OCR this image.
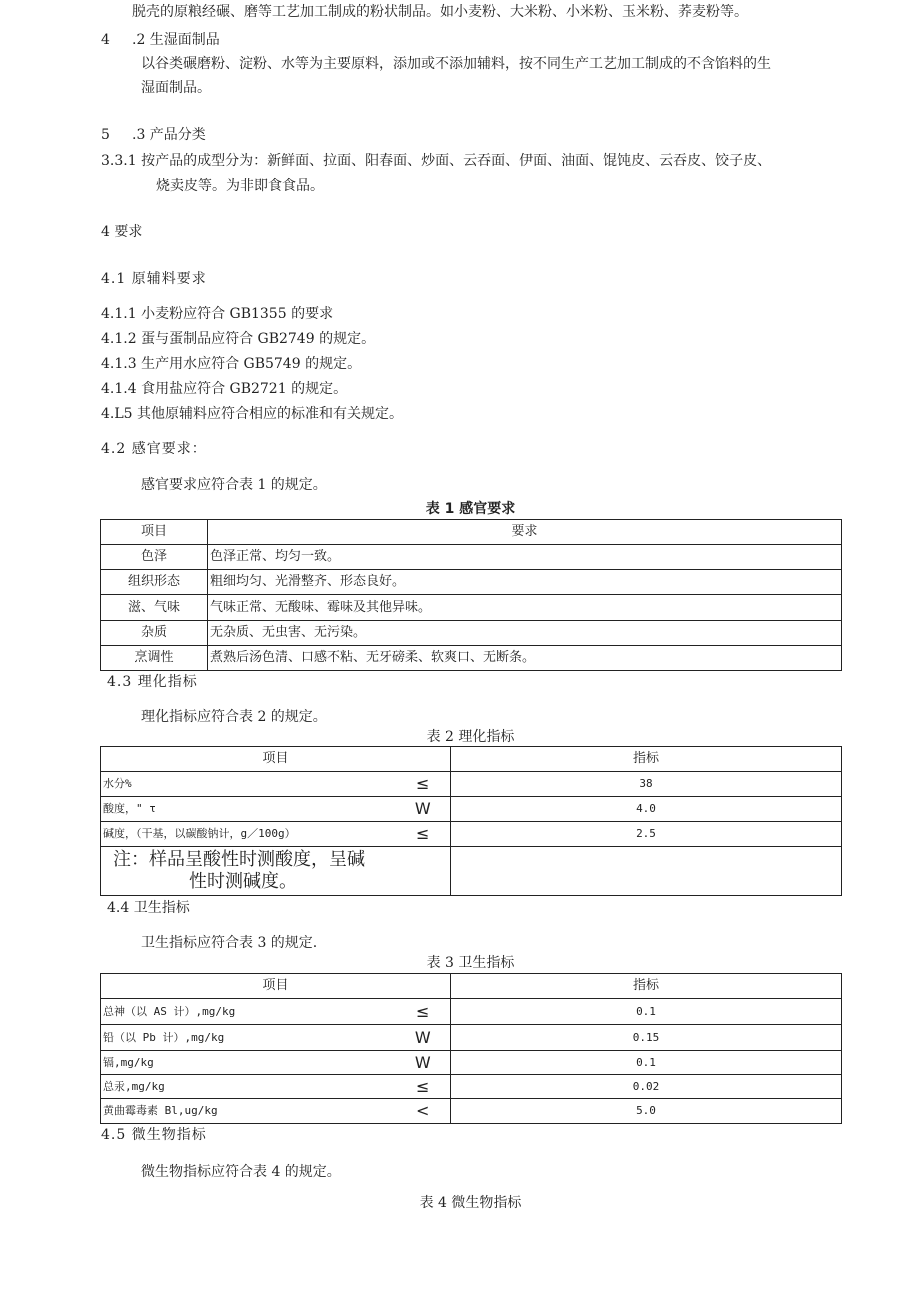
脱壳的原粮经碾、磨等工艺加工制成的粉状制品。如小麦粉、大米粉、小米粉、玉米粉、荞麦粉等。
4 .2 生湿面制品
以谷类碾磨粉、淀粉、水等为主要原料，添加或不添加辅料，按不同生产工艺加工制成的不含馅料的生
湿面制品。
5 .3 产品分类
3.3.1 按产品的成型分为：新鲜面、拉面、阳春面、炒面、云吞面、伊面、油面、馄饨皮、云吞皮、饺子皮、
烧卖皮等。为非即食食品。
4 要求
4.1 原辅料要求
4.1.1 小麦粉应符合 GB1355 的要求
4.1.2 蛋与蛋制品应符合 GB2749 的规定。
4.1.3 生产用水应符合 GB5749 的规定。
4.1.4 食用盐应符合 GB2721 的规定。
4.L5 其他原辅料应符合相应的标准和有关规定。
4.2 感官要求：
感官要求应符合表 1 的规定。
表 1 感官要求
项目	要求
色泽	色泽正常、均匀一致。
组织形态	粗细均匀、光滑整齐、形态良好。
滋、气味	气味正常、无酸味、霉味及其他异味。
杂质	无杂质、无虫害、无污染。
烹调性	煮熟后汤色清、口感不粘、无牙磅柔、软爽口、无断条。
4.3 理化指标
理化指标应符合表 2 的规定。
表 2 理化指标
项目		指标
水分%	≤	38
酸度，" τ	W	4.0
碱度，（干基，以碳酸钠计，g／100g）	≤	2.5
注：样品呈酸性时测酸度，呈碱
性时测碱度。		

4.4 卫生指标
卫生指标应符合表 3 的规定.
表 3 卫生指标
项目		指标
总神（以 AS 计）,mg/kg	≤	0.1
铅（以 Pb 计）,mg/kg	W	0.15
镉,mg/kg	W	0.1
总汞,mg/kg	≤	0.02
黄曲霉毒素 Bl,ug/kg	<	5.0
4.5 微生物指标
微生物指标应符合表 4 的规定。
表 4 微生物指标
